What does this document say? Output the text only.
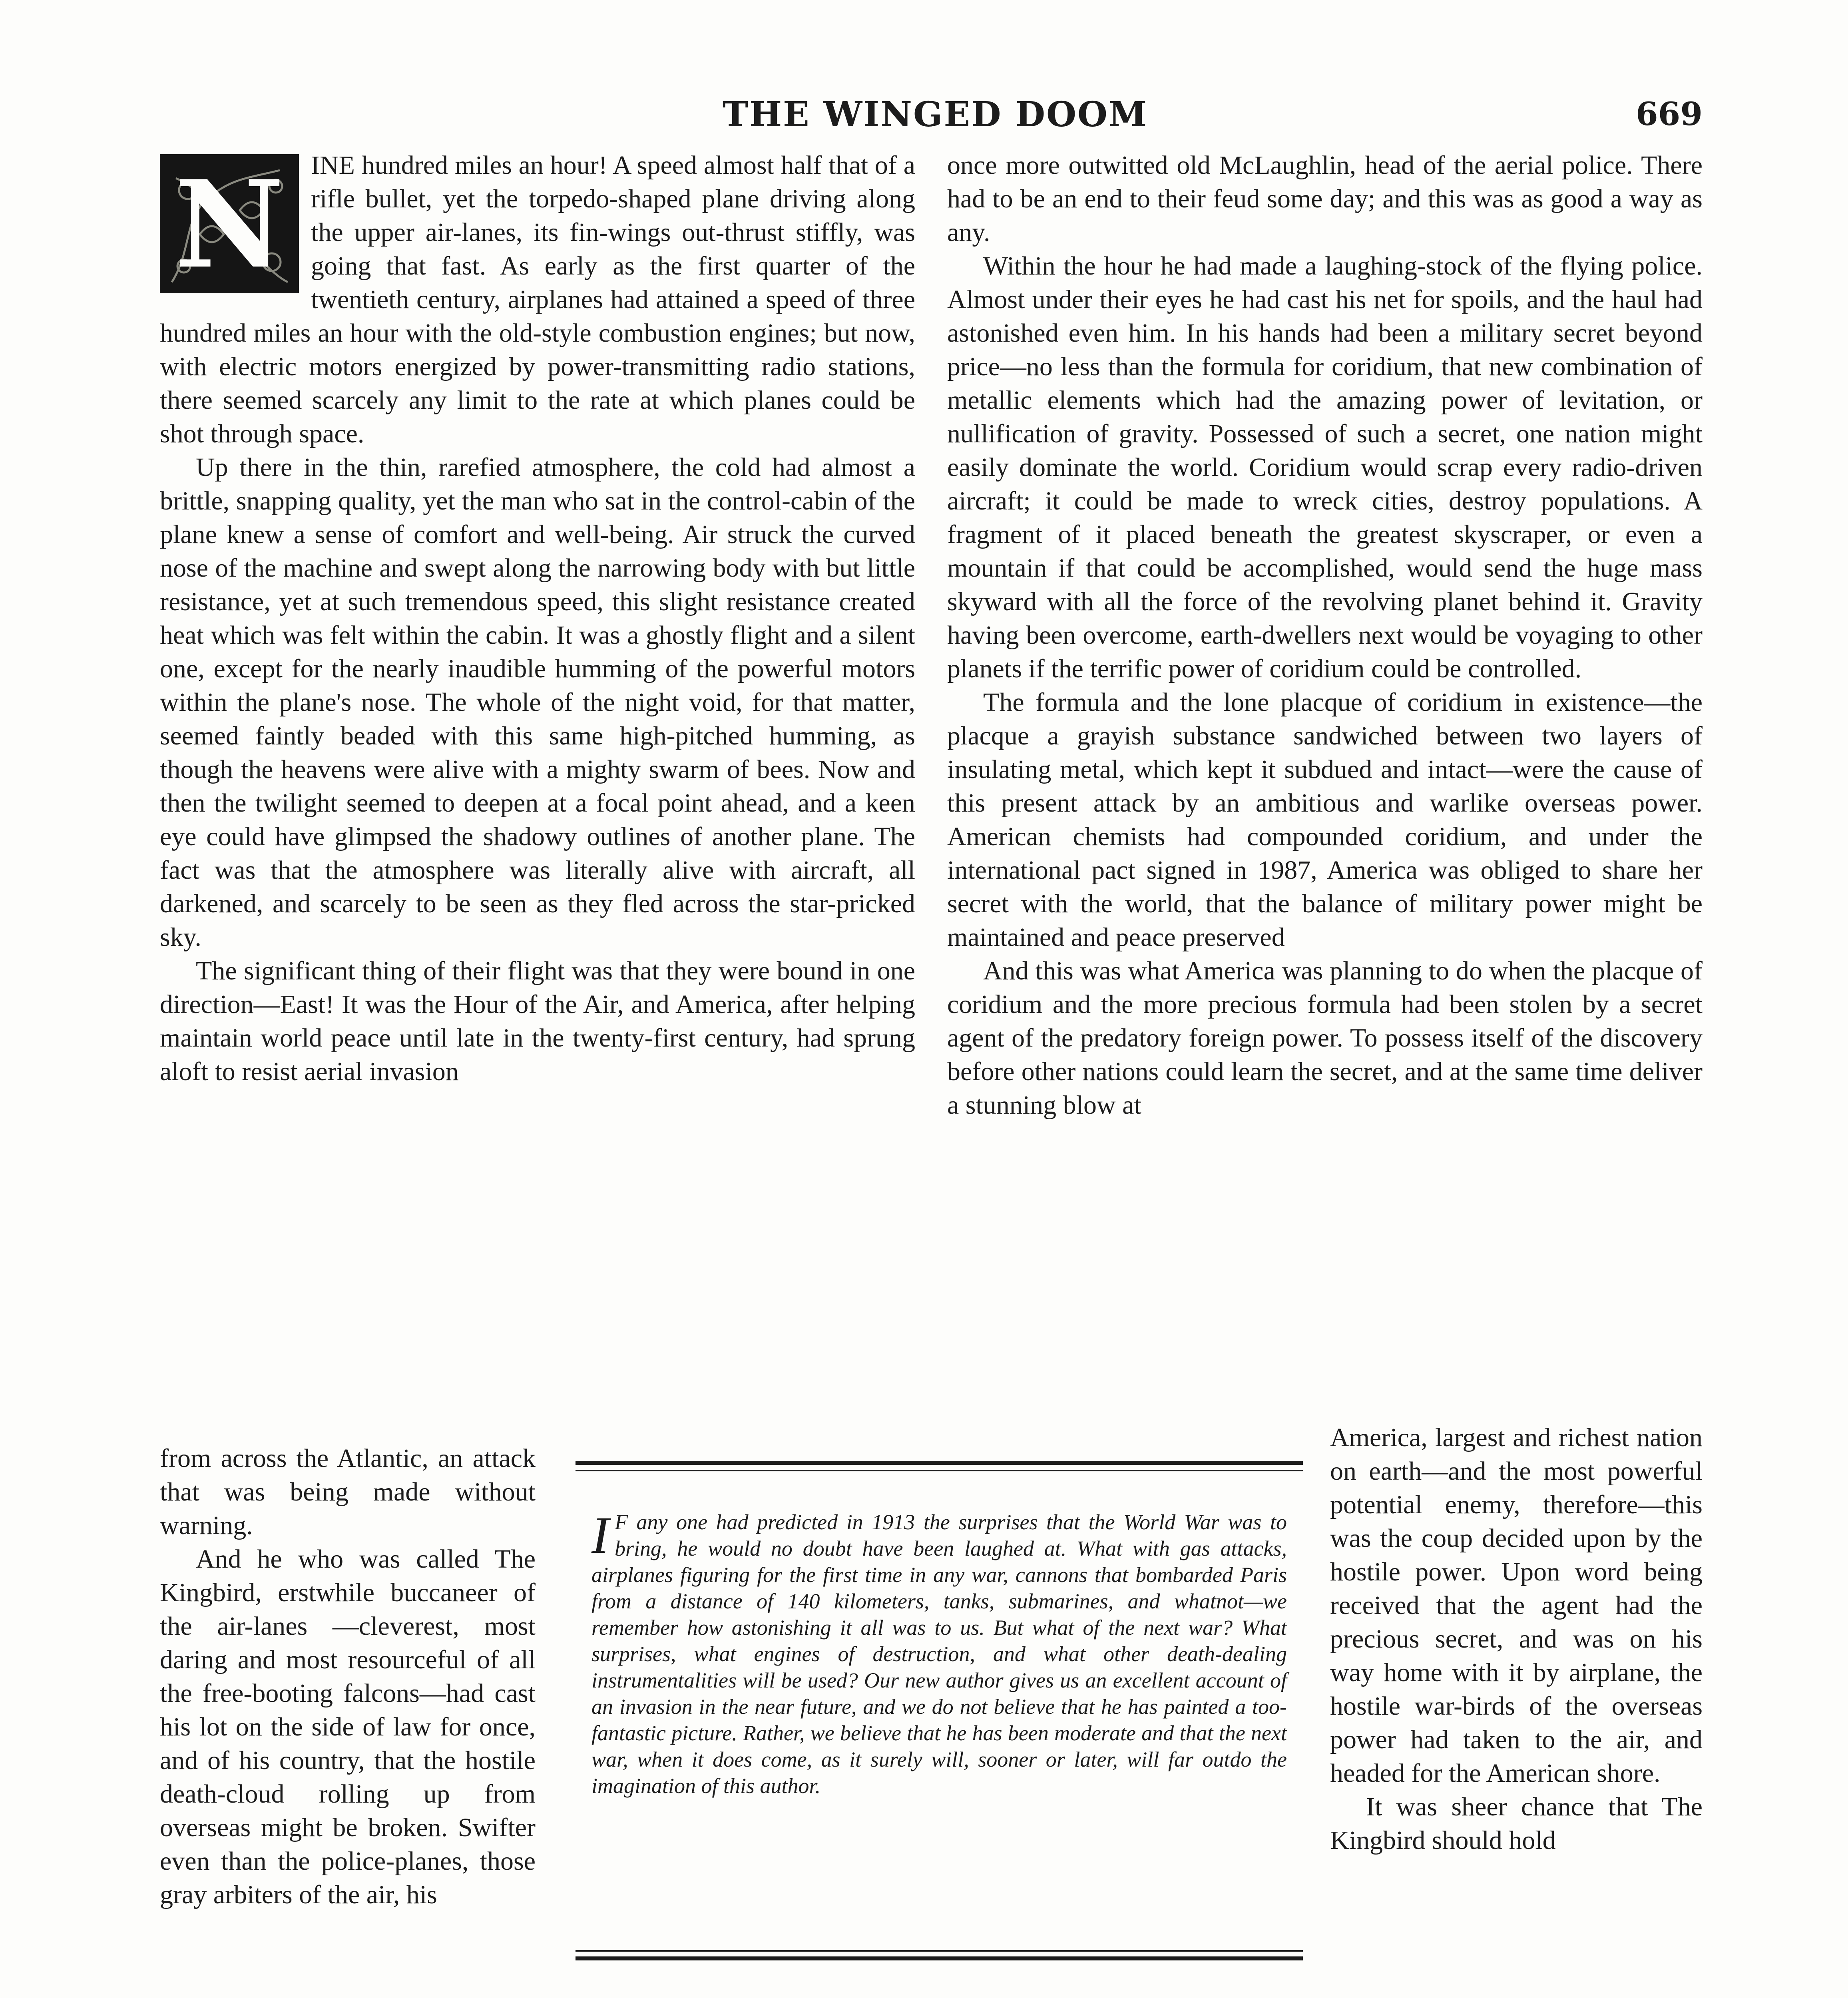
THE WINGED DOOM	669
N	INE hundred miles an hour! A speed almost half that of a rifle bullet, yet the torpedo-shaped plane driving along the upper air-lanes, its fin-wings out-thrust stiffly, was going that fast. As early as the first quarter of the twentieth century, airplanes had attained a speed of three hundred miles an hour with the old-style combustion engines; but now, with electric motors energized by power-transmitting radio stations, there seemed scarcely any limit to the rate at which planes could be shot through space.

Up there in the thin, rarefied atmosphere, the cold had almost a brittle, snapping quality, yet the man who sat in the control-cabin of the plane knew a sense of comfort and well-being. Air struck the curved nose of the machine and swept along the narrowing body with but little resistance, yet at such tremendous speed, this slight resistance created heat which was felt within the cabin. It was a ghostly flight and a silent one, except for the nearly inaudible humming of the powerful motors within the plane's nose. The whole of the night void, for that matter, seemed faintly beaded with this same high-pitched humming, as though the heavens were alive with a mighty swarm of bees. Now and then the twilight seemed to deepen at a focal point ahead, and a keen eye could have glimpsed the shadowy outlines of another plane. The fact was that the atmosphere was literally alive with aircraft, all darkened, and scarcely to be seen as they fled across the star-pricked sky.

The significant thing of their flight was that they were bound in one direction—East! It was the Hour of the Air, and America, after helping maintain world peace until late in the twenty-first century, had sprung aloft to resist aerial invasion

from across the Atlantic, an attack that was being made without warning.

And he who was called The Kingbird, erstwhile buccaneer of the air-lanes —cleverest, most daring and most resourceful of all the free-booting falcons—had cast his lot on the side of law for once, and of his country, that the hostile death-cloud rolling up from overseas might be broken. Swifter even than the police-planes, those gray arbiters of the air, his

once more outwitted old McLaughlin, head of the aerial police. There had to be an end to their feud some day; and this was as good a way as any.

Within the hour he had made a laughing-stock of the flying police. Almost under their eyes he had cast his net for spoils, and the haul had astonished even him. In his hands had been a military secret beyond price—no less than the formula for coridium, that new combination of metallic elements which had the amazing power of levitation, or nullification of gravity. Possessed of such a secret, one nation might easily dominate the world. Coridium would scrap every radio-driven aircraft; it could be made to wreck cities, destroy populations. A fragment of it placed beneath the greatest skyscraper, or even a mountain if that could be accomplished, would send the huge mass skyward with all the force of the revolving planet behind it. Gravity having been overcome, earth-dwellers next would be voyaging to other planets if the terrific power of coridium could be controlled.

The formula and the lone placque of coridium in existence—the placque a grayish substance sandwiched between two layers of insulating metal, which kept it subdued and intact—were the cause of this present attack by an ambitious and warlike overseas power. American chemists had compounded coridium, and under the international pact signed in 1987, America was obliged to share her secret with the world, that the balance of military power might be maintained and peace preserved

And this was what America was planning to do when the placque of coridium and the more precious formula had been stolen by a secret agent of the predatory foreign power. To possess itself of the discovery before other nations could learn the secret, and at the same time deliver a stunning blow at

America, largest and richest nation on earth—and the most powerful potential enemy, therefore—this was the coup decided upon by the hostile power. Upon word being received that the agent had the precious secret, and was on his way home with it by airplane, the hostile war-birds of the overseas power had taken to the air, and headed for the American shore.

It was sheer chance that The Kingbird should hold

I F any one had predicted in 1913 the surprises that the World War was to bring, he would no doubt have been laughed at. What with gas attacks, airplanes figuring for the first time in any war, cannons that bombarded Paris from a distance of 140 kilometers, tanks, submarines, and whatnot—we remember how astonishing it all was to us. But what of the next war? What surprises, what engines of destruction, and what other death-dealing instrumentalities will be used? Our new author gives us an excellent account of an invasion in the near future, and we do not believe that he has painted a too-fantastic picture. Rather, we believe that he has been moderate and that the next war, when it does come, as it surely will, sooner or later, will far outdo the imagination of this author.
